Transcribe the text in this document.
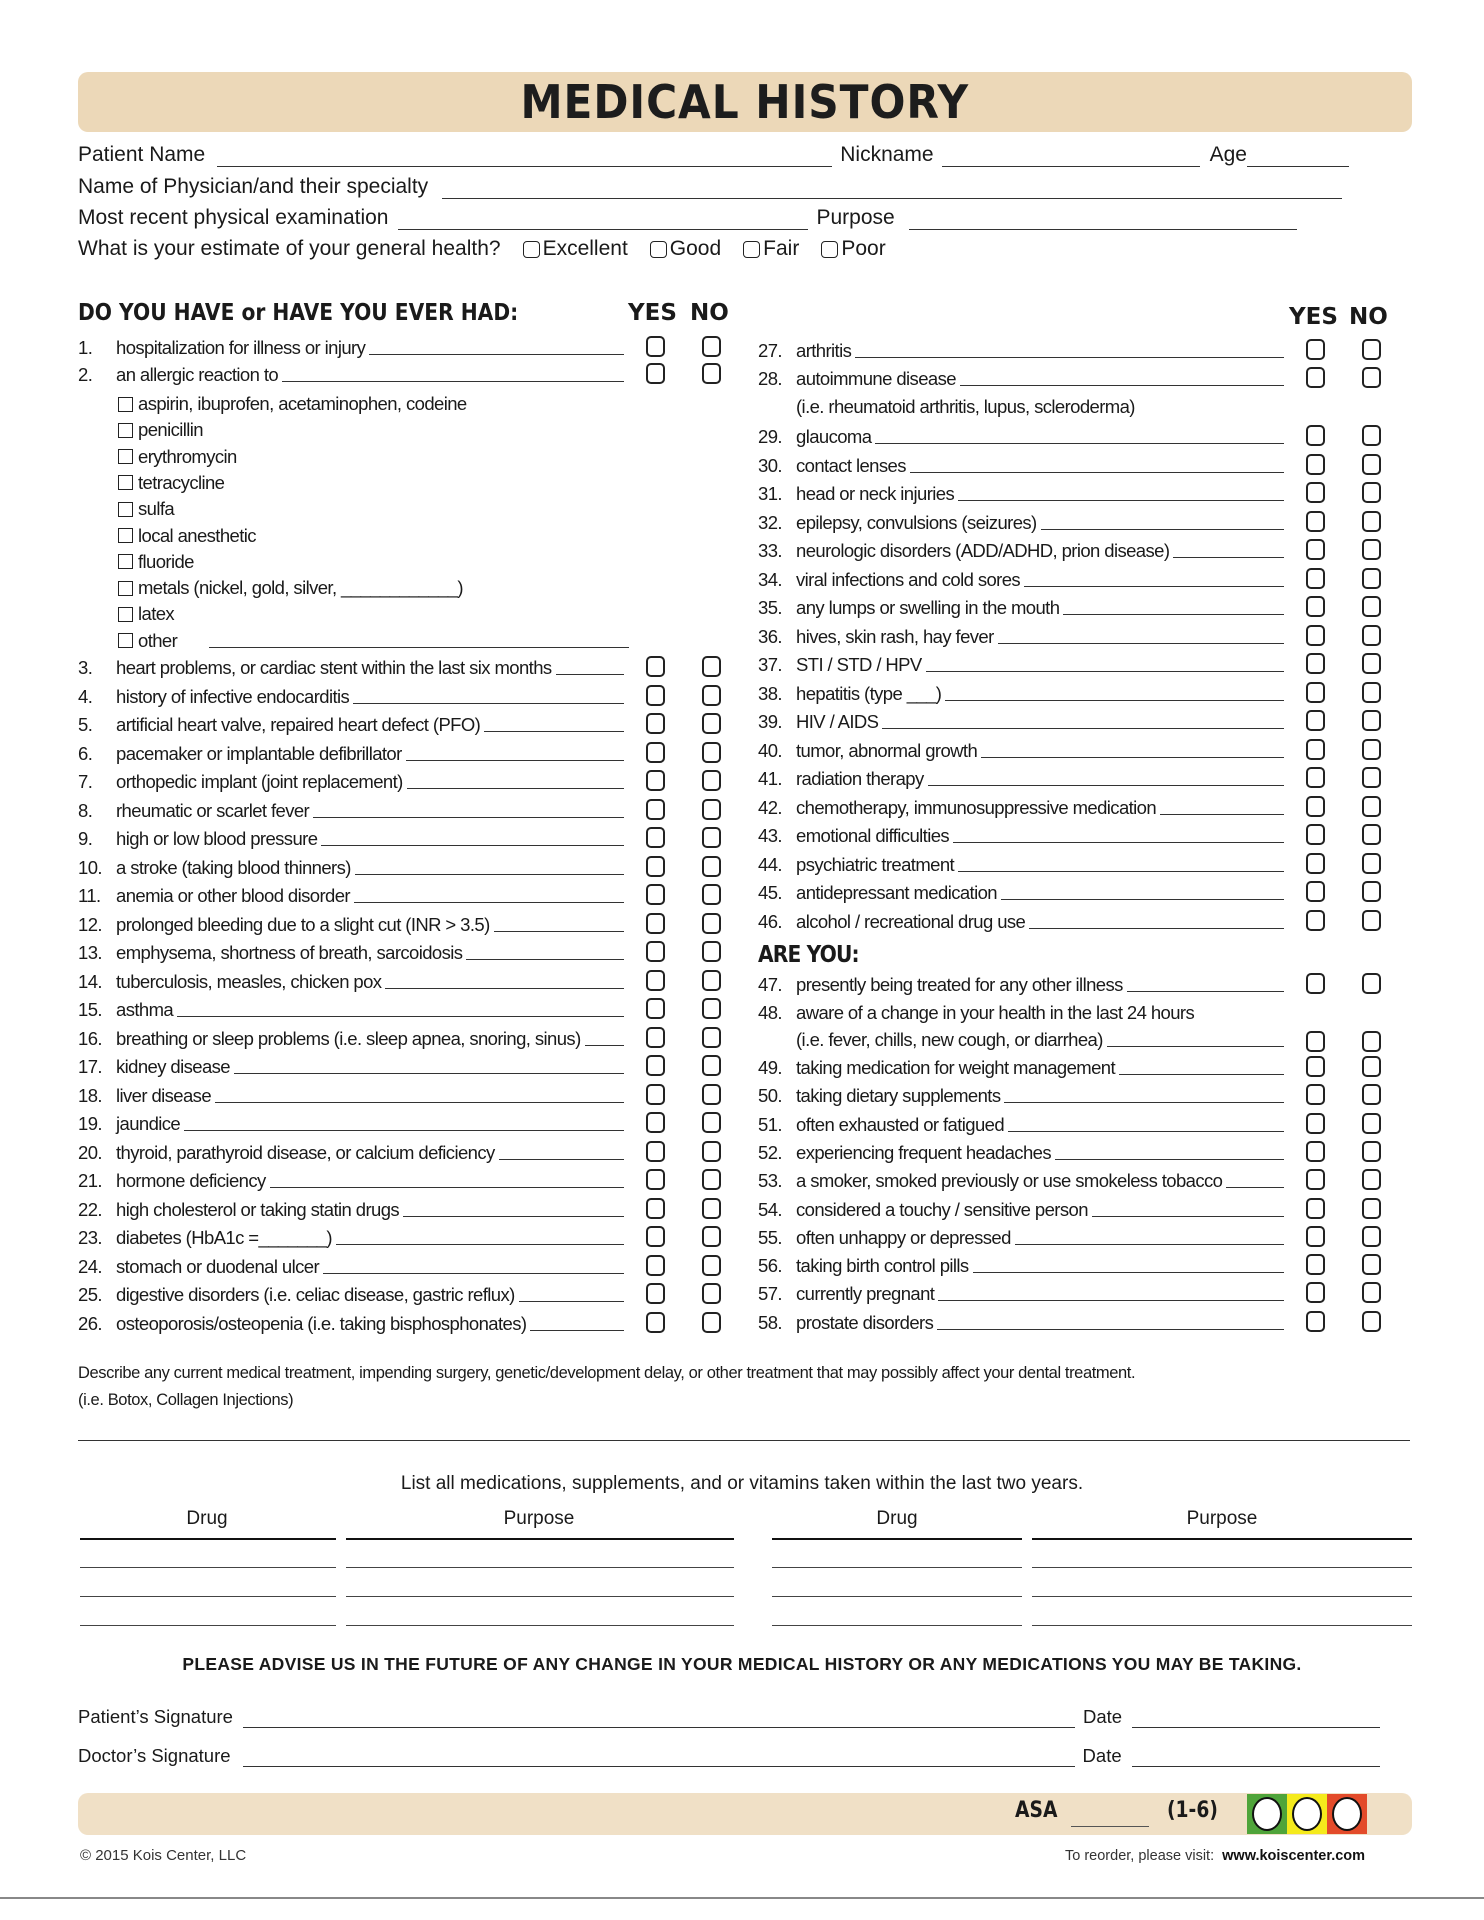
MEDICAL HISTORY
Patient Name	Nickname	Age
Name of Physician/and their specialty
Most recent physical examination	Purpose
What is your estimate of your general health? Excellent Good Fair Poor
DO YOU HAVE or HAVE YOU EVER HAD:	YES NO	YES NO
1.	hospitalization for illness or injury
2.	an allergic reaction to
aspirin, ibuprofen, acetaminophen, codeine
penicillin
erythromycin
tetracycline
sulfa
local anesthetic
fluoride
metals (nickel, gold, silver, ____________)
latex
other
3.	heart problems, or cardiac stent within the last six months
4.	history of infective endocarditis
5.	artificial heart valve, repaired heart defect (PFO)
6.	pacemaker or implantable defibrillator
7.	orthopedic implant (joint replacement)
8.	rheumatic or scarlet fever
9.	high or low blood pressure
10. a stroke (taking blood thinners)
11. anemia or other blood disorder
12. prolonged bleeding due to a slight cut (INR > 3.5)
13. emphysema, shortness of breath, sarcoidosis
14. tuberculosis, measles, chicken pox
15. asthma
16. breathing or sleep problems (i.e. sleep apnea, snoring, sinus)
17. kidney disease
18. liver disease
19. jaundice
20. thyroid, parathyroid disease, or calcium deficiency
21. hormone deficiency
22. high cholesterol or taking statin drugs
23. diabetes (HbA1c =_______)
24. stomach or duodenal ulcer
25. digestive disorders (i.e. celiac disease, gastric reflux)
26. osteoporosis/osteopenia (i.e. taking bisphosphonates)
27. arthritis
28. autoimmune disease
(i.e. rheumatoid arthritis, lupus, scleroderma)
29. glaucoma
30. contact lenses
31. head or neck injuries
32. epilepsy, convulsions (seizures)
33. neurologic disorders (ADD/ADHD, prion disease)
34. viral infections and cold sores
35. any lumps or swelling in the mouth
36. hives, skin rash, hay fever
37. STI / STD / HPV
38. hepatitis (type ___)
39. HIV / AIDS
40. tumor, abnormal growth
41. radiation therapy
42. chemotherapy, immunosuppressive medication
43. emotional difficulties
44. psychiatric treatment
45. antidepressant medication
46. alcohol / recreational drug use
47. presently being treated for any other illness
48. aware of a change in your health in the last 24 hours
(i.e. fever, chills, new cough, or diarrhea)
49. taking medication for weight management
50. taking dietary supplements
51. often exhausted or fatigued
52. experiencing frequent headaches
53. a smoker, smoked previously or use smokeless tobacco
54. considered a touchy / sensitive person
55. often unhappy or depressed
56. taking birth control pills
57. currently pregnant
58. prostate disorders
ARE YOU:
Describe any current medical treatment, impending surgery, genetic/development delay, or other treatment that may possibly affect your dental treatment.
(i.e. Botox, Collagen Injections)
List all medications, supplements, and or vitamins taken within the last two years.
Drug	Purpose	Drug	Purpose
PLEASE ADVISE US IN THE FUTURE OF ANY CHANGE IN YOUR MEDICAL HISTORY OR ANY MEDICATIONS YOU MAY BE TAKING.
Patient’s Signature	Date
Doctor’s Signature	Date
ASA	(1-6)
© 2015 Kois Center, LLC	To reorder, please visit: www.koiscenter.com
